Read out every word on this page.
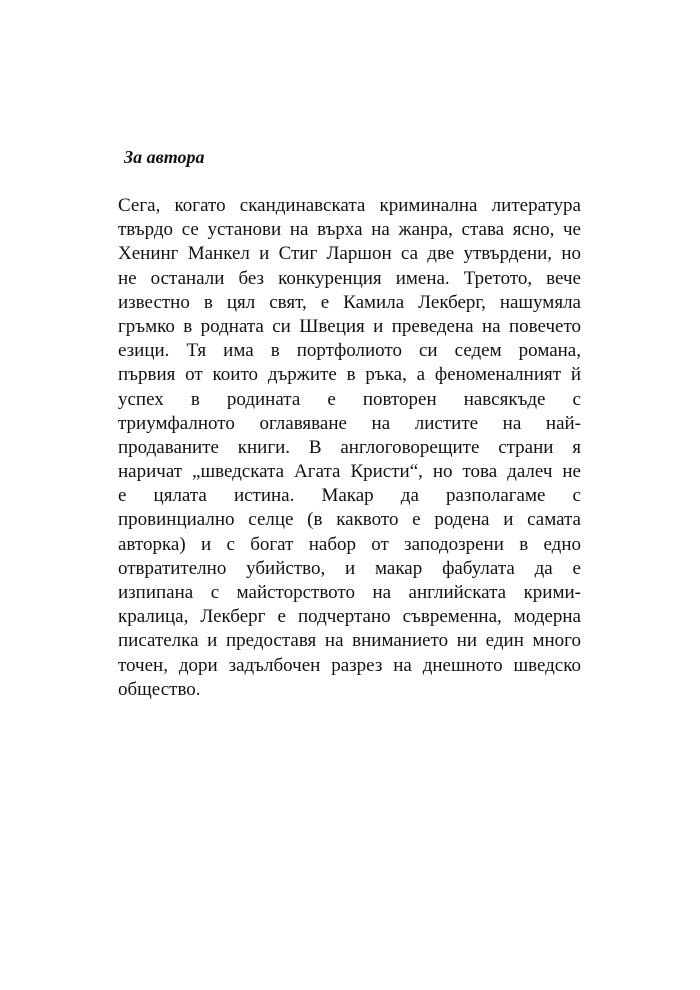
За автора
Сега, когато скандинавската криминална литература
твърдо се установи на върха на жанра, става ясно, че
Хенинг Манкел и Стиг Ларшон са две утвърдени, но
не останали без конкуренция имена. Третото, вече
известно в цял свят, е Камила Лекберг, нашумяла
гръмко в родната си Швеция и преведена на повечето
езици. Тя има в портфолиото си седем романа,
първия от които държите в ръка, а феноменалният й
успех в родината е повторен навсякъде с
триумфалното оглавяване на листите на най-
продаваните книги. В англоговорещите страни я
наричат „шведската Агата Кристи“, но това далеч не
е цялата истина. Макар да разполагаме с
провинциално селце (в каквото е родена и самата
авторка) и с богат набор от заподозрени в едно
отвратително убийство, и макар фабулата да е
изпипана с майсторството на английската крими-
кралица, Лекберг е подчертано съвременна, модерна
писателка и предоставя на вниманието ни един много
точен, дори задълбочен разрез на днешното шведско
общество.
